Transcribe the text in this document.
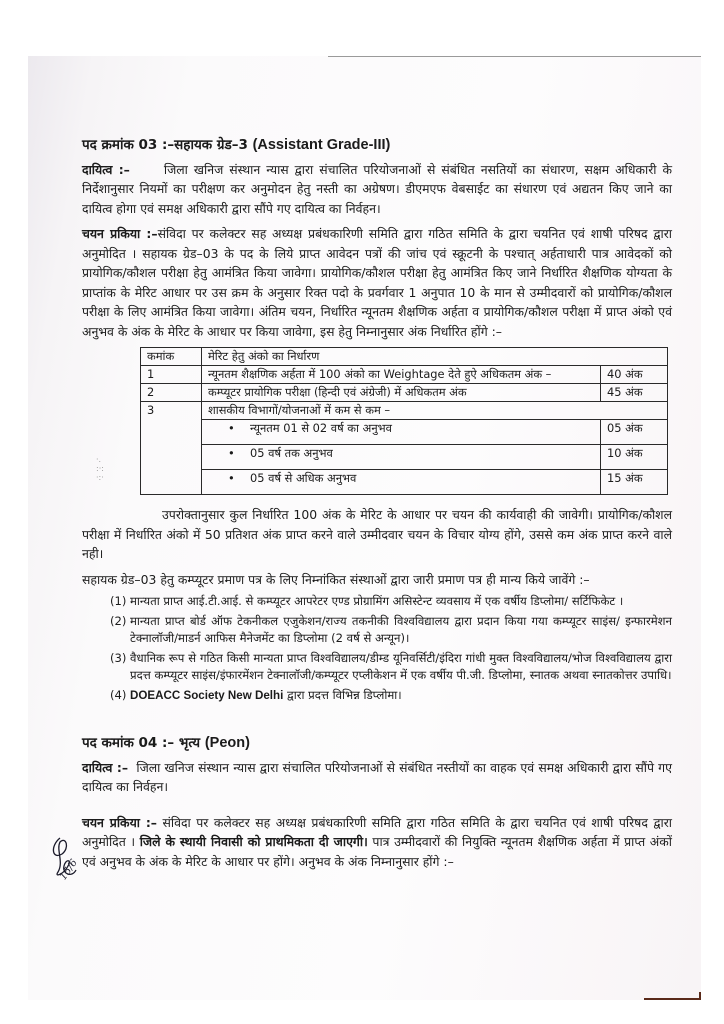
·.
:·:
·:·
पद क्रमांक 03 :–सहायक ग्रेड–3 (Assistant Grade-III)

दायित्व :–	जिला खनिज संस्थान न्यास द्वारा संचालित परियोजनाओं से संबंधित नसतियों का संधारण, सक्षम अधिकारी के निर्देशानुसार नियमों का परीक्षण कर अनुमोदन हेतु नस्ती का अग्रेषण। डीएमएफ वेबसाईट का संधारण एवं अद्यतन किए जाने का दायित्व होगा एवं समक्ष अधिकारी द्वारा सौंपे गए दायित्व का निर्वहन।

चयन प्रकिया :–संविदा पर कलेक्टर सह अध्यक्ष प्रबंधकारिणी समिति द्वारा गठित समिति के द्वारा चयनित एवं शाषी परिषद द्वारा अनुमोदित । सहायक ग्रेड–03 के पद के लिये प्राप्त आवेदन पत्रों की जांच एवं स्क्रूटनी के पश्चात् अर्हताधारी पात्र आवेदकों को प्रायोगिक/कौशल परीक्षा हेतु आमंत्रित किया जावेगा। प्रायोगिक/कौशल परीक्षा हेतु आमंत्रित किए जाने निर्धारित शैक्षणिक योग्यता के प्राप्तांक के मेरिट आधार पर उस क्रम के अनुसार रिक्त पदो के प्रवर्गवार 1 अनुपात 10 के मान से उम्मीदवारों को प्रायोगिक/कौशल परीक्षा के लिए आमंत्रित किया जावेगा। अंतिम चयन, निर्धारित न्यूनतम शैक्षणिक अर्हता व प्रायोगिक/कौशल परीक्षा में प्राप्त अंको एवं अनुभव के अंक के मेरिट के आधार पर किया जावेगा, इस हेतु निम्नानुसार अंक निर्धारित होंगे :–

कमांक	मेरिट हेतु अंको का निर्धारण	
1	न्यूनतम शैक्षणिक अर्हता में 100 अंको का Weightage देते हुऐ अधिकतम अंक –	40 अंक
2	कम्प्यूटर प्रायोगिक परीक्षा (हिन्दी एवं अंग्रेजी) में अधिकतम अंक	45 अंक
3	शासकीय विभागों/योजनाओं में कम से कम –	
	• न्यूनतम 01 से 02 वर्ष का अनुभव	05 अंक
	• 05 वर्ष तक अनुभव	10 अंक
	• 05 वर्ष से अधिक अनुभव	15 अंक

उपरोक्तानुसार कुल निर्धारित 100 अंक के मेरिट के आधार पर चयन की कार्यवाही की जावेगी। प्रायोगिक/कौशल परीक्षा में निर्धारित अंको में 50 प्रतिशत अंक प्राप्त करने वाले उम्मीदवार चयन के विचार योग्य होंगे, उससे कम अंक प्राप्त करने वाले नही।

सहायक ग्रेड–03 हेतु कम्प्यूटर प्रमाण पत्र के लिए निम्नांकित संस्थाओं द्वारा जारी प्रमाण पत्र ही मान्य किये जावेंगे :–

(1) मान्यता प्राप्त आई.टी.आई. से कम्प्यूटर आपरेटर एण्ड प्रोग्रामिंग असिस्टेन्ट व्यवसाय में एक वर्षीय डिप्लोमा/ सर्टिफिकेट ।
(2) मान्यता प्राप्त बोर्ड ऑफ टेकनीकल एजुकेशन/राज्य तकनीकी विश्वविद्यालय द्वारा प्रदान किया गया कम्प्यूटर साइंस/ इन्फारमेशन टेक्नालॉजी/माडर्न आफिस मैनेजमेंट का डिप्लोमा (2 वर्ष से अन्यून)।
(3) वैधानिक रूप से गठित किसी मान्यता प्राप्त विश्वविद्यालय/डीम्ड यूनिवर्सिटी/इंदिरा गांधी मुक्त विश्वविद्यालय/भोज विश्वविद्यालय द्वारा प्रदत्त कम्प्यूटर साइंस/इंफारमेंशन टेक्नालॉजी/कम्प्यूटर एप्लीकेशन में एक वर्षीय पी.जी. डिप्लोमा, स्नातक अथवा स्नातकोत्तर उपाधि।
(4) DOEACC Society New Delhi द्वारा प्रदत्त विभिन्न डिप्लोमा।
पद कमांक 04 :– भृत्य (Peon)

दायित्व :– जिला खनिज संस्थान न्यास द्वारा संचालित परियोजनाओं से संबंधित नस्तीयों का वाहक एवं समक्ष अधिकारी द्वारा सौंपे गए दायित्व का निर्वहन।

चयन प्रकिया :– संविदा पर कलेक्टर सह अध्यक्ष प्रबंधकारिणी समिति द्वारा गठित समिति के द्वारा चयनित एवं शाषी परिषद द्वारा अनुमोदित । जिले के स्थायी निवासी को प्राथमिकता दी जाएगी। पात्र उम्मीदवारों की नियुक्ति न्यूनतम शैक्षणिक अर्हता में प्राप्त अंकों एवं अनुभव के अंक के मेरिट के आधार पर होंगे। अनुभव के अंक निम्नानुसार होंगे :–

15/6
